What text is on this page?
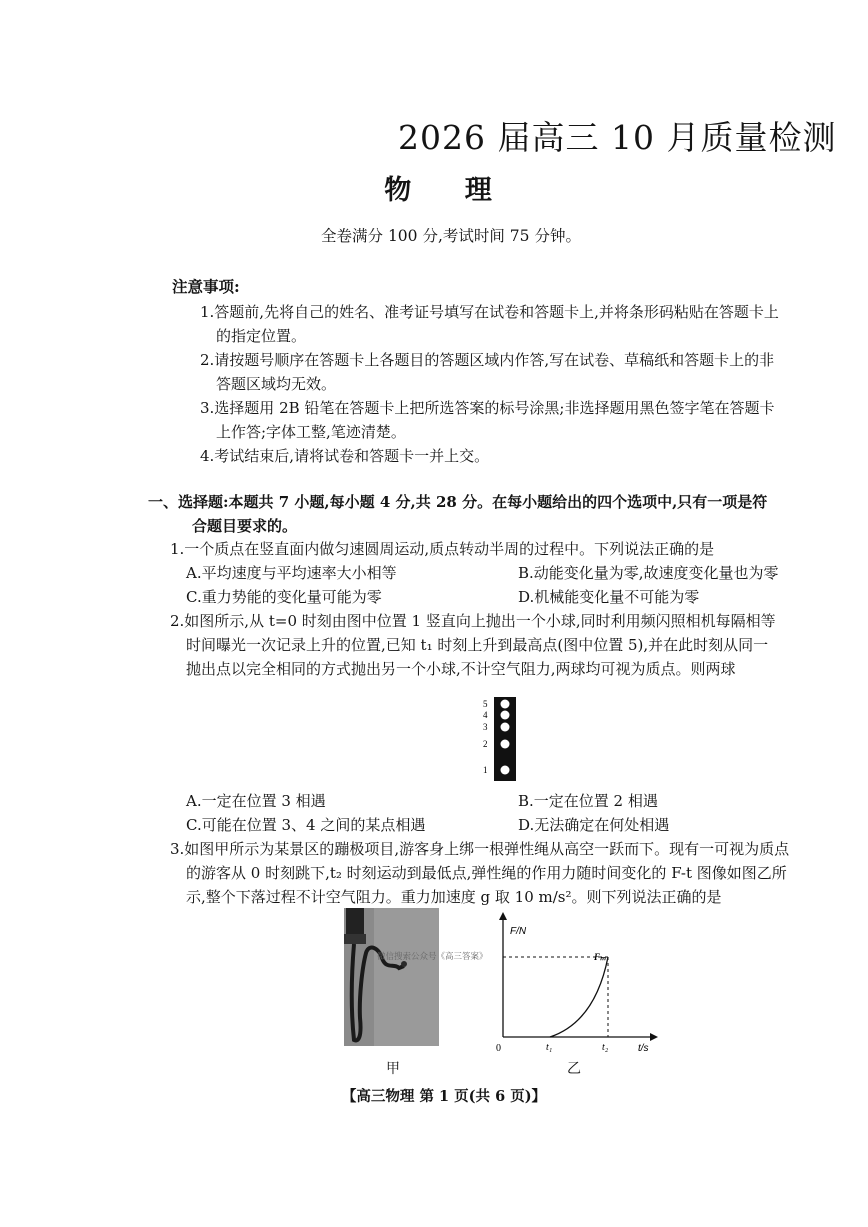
2026 届高三 10 月质量检测
物 理
全卷满分 100 分,考试时间 75 分钟。
注意事项:
1.答题前,先将自己的姓名、准考证号填写在试卷和答题卡上,并将条形码粘贴在答题卡上
的指定位置。
2.请按题号顺序在答题卡上各题目的答题区域内作答,写在试卷、草稿纸和答题卡上的非
答题区域均无效。
3.选择题用 2B 铅笔在答题卡上把所选答案的标号涂黑;非选择题用黑色签字笔在答题卡
上作答;字体工整,笔迹清楚。
4.考试结束后,请将试卷和答题卡一并上交。
一、选择题:本题共 7 小题,每小题 4 分,共 28 分。在每小题给出的四个选项中,只有一项是符
合题目要求的。
1.一个质点在竖直面内做匀速圆周运动,质点转动半周的过程中。下列说法正确的是
A.平均速度与平均速率大小相等	B.动能变化量为零,故速度变化量也为零
C.重力势能的变化量可能为零	D.机械能变化量不可能为零
2.如图所示,从 t=0 时刻由图中位置 1 竖直向上抛出一个小球,同时利用频闪照相机每隔相等
时间曝光一次记录上升的位置,已知 t₁ 时刻上升到最高点(图中位置 5),并在此时刻从同一
抛出点以完全相同的方式抛出另一个小球,不计空气阻力,两球均可视为质点。则两球
5
4
3
2
1
A.一定在位置 3 相遇	B.一定在位置 2 相遇
C.可能在位置 3、4 之间的某点相遇	D.无法确定在何处相遇
3.如图甲所示为某景区的蹦极项目,游客身上绑一根弹性绳从高空一跃而下。现有一可视为质点
的游客从 0 时刻跳下,t₂ 时刻运动到最低点,弹性绳的作用力随时间变化的 F-t 图像如图乙所
示,整个下落过程不计空气阻力。重力加速度 g 取 10 m/s²。则下列说法正确的是
F/N
t/s
0	t₁	t₂
Fₘ
微信搜索公众号《高三答案》
甲	乙
【高三物理 第 1 页(共 6 页)】
